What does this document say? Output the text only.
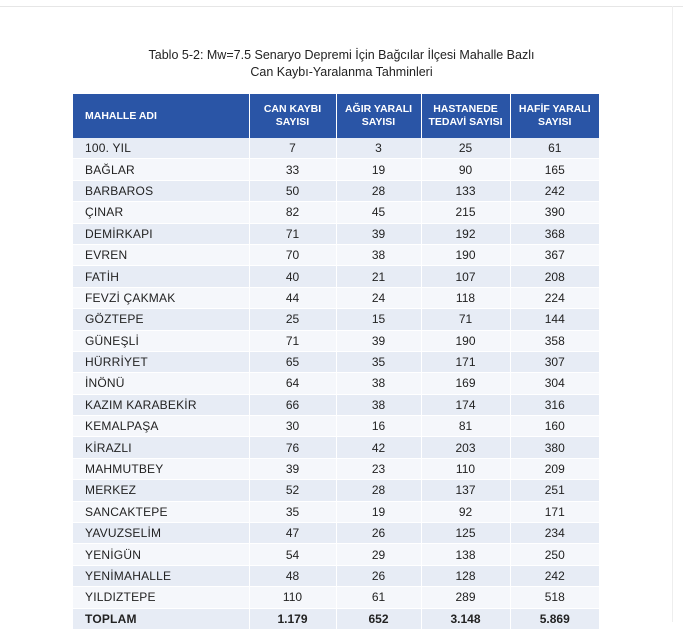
Tablo 5-2: Mw=7.5 Senaryo Depremi İçin Bağcılar İlçesi Mahalle Bazlı
Can Kaybı-Yaralanma Tahminleri
MAHALLE ADI	CAN KAYBI SAYISI	AĞIR YARALI SAYISI	HASTANEDE TEDAVİ SAYISI	HAFİF YARALI SAYISI
100. YIL	7	3	25	61
BAĞLAR	33	19	90	165
BARBAROS	50	28	133	242
ÇINAR	82	45	215	390
DEMİRKAPI	71	39	192	368
EVREN	70	38	190	367
FATİH	40	21	107	208
FEVZİ ÇAKMAK	44	24	118	224
GÖZTEPE	25	15	71	144
GÜNEŞLİ	71	39	190	358
HÜRRİYET	65	35	171	307
İNÖNÜ	64	38	169	304
KAZIM KARABEKİR	66	38	174	316
KEMALPAŞA	30	16	81	160
KİRAZLI	76	42	203	380
MAHMUTBEY	39	23	110	209
MERKEZ	52	28	137	251
SANCAKTEPE	35	19	92	171
YAVUZSELİM	47	26	125	234
YENİGÜN	54	29	138	250
YENİMAHALLE	48	26	128	242
YILDIZTEPE	110	61	289	518
TOPLAM	1.179	652	3.148	5.869
